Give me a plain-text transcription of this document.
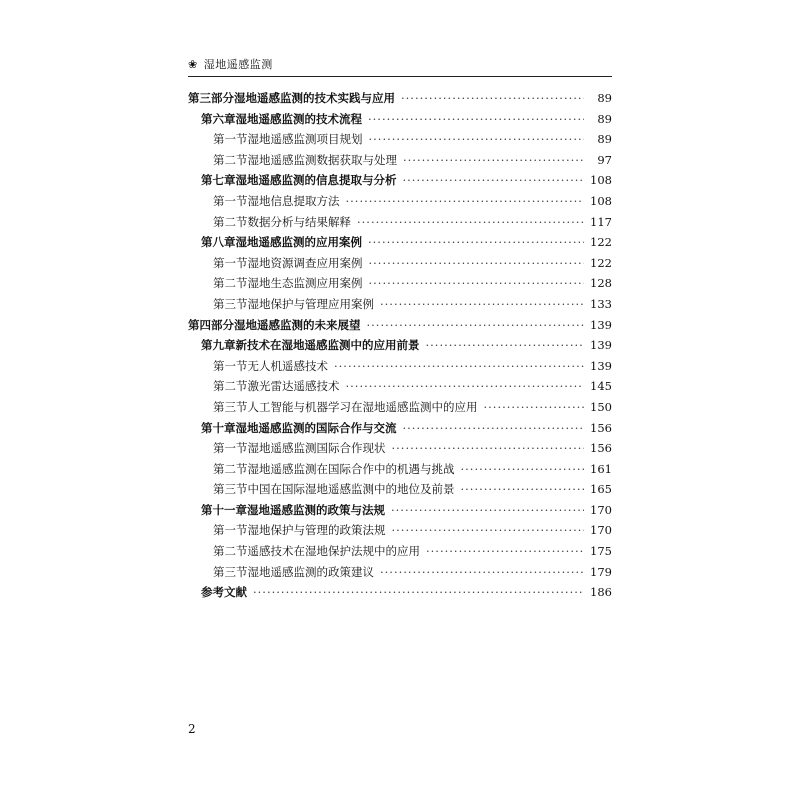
❀ 湿地遥感监测
第三部分 湿地遥感监测的技术实践与应用 ·····	89
第六章 湿地遥感监测的技术流程 ·····	89
第一节 湿地遥感监测项目规划 ·····	89
第二节 湿地遥感监测数据获取与处理 ·····	97
第七章 湿地遥感监测的信息提取与分析 ·····	108
第一节 湿地信息提取方法 ·····	108
第二节 数据分析与结果解释 ·····	117
第八章 湿地遥感监测的应用案例 ·····	122
第一节 湿地资源调查应用案例 ·····	122
第二节 湿地生态监测应用案例 ·····	128
第三节 湿地保护与管理应用案例 ·····	133
第四部分 湿地遥感监测的未来展望 ·····	139
第九章 新技术在湿地遥感监测中的应用前景 ·····	139
第一节 无人机遥感技术 ·····	139
第二节 激光雷达遥感技术 ·····	145
第三节 人工智能与机器学习在湿地遥感监测中的应用 ·····	150
第十章 湿地遥感监测的国际合作与交流 ·····	156
第一节 湿地遥感监测国际合作现状 ·····	156
第二节 湿地遥感监测在国际合作中的机遇与挑战 ·····	161
第三节 中国在国际湿地遥感监测中的地位及前景 ·····	165
第十一章 湿地遥感监测的政策与法规 ·····	170
第一节 湿地保护与管理的政策法规 ·····	170
第二节 遥感技术在湿地保护法规中的应用 ·····	175
第三节 湿地遥感监测的政策建议 ·····	179
参考文献 ·····	186
2
